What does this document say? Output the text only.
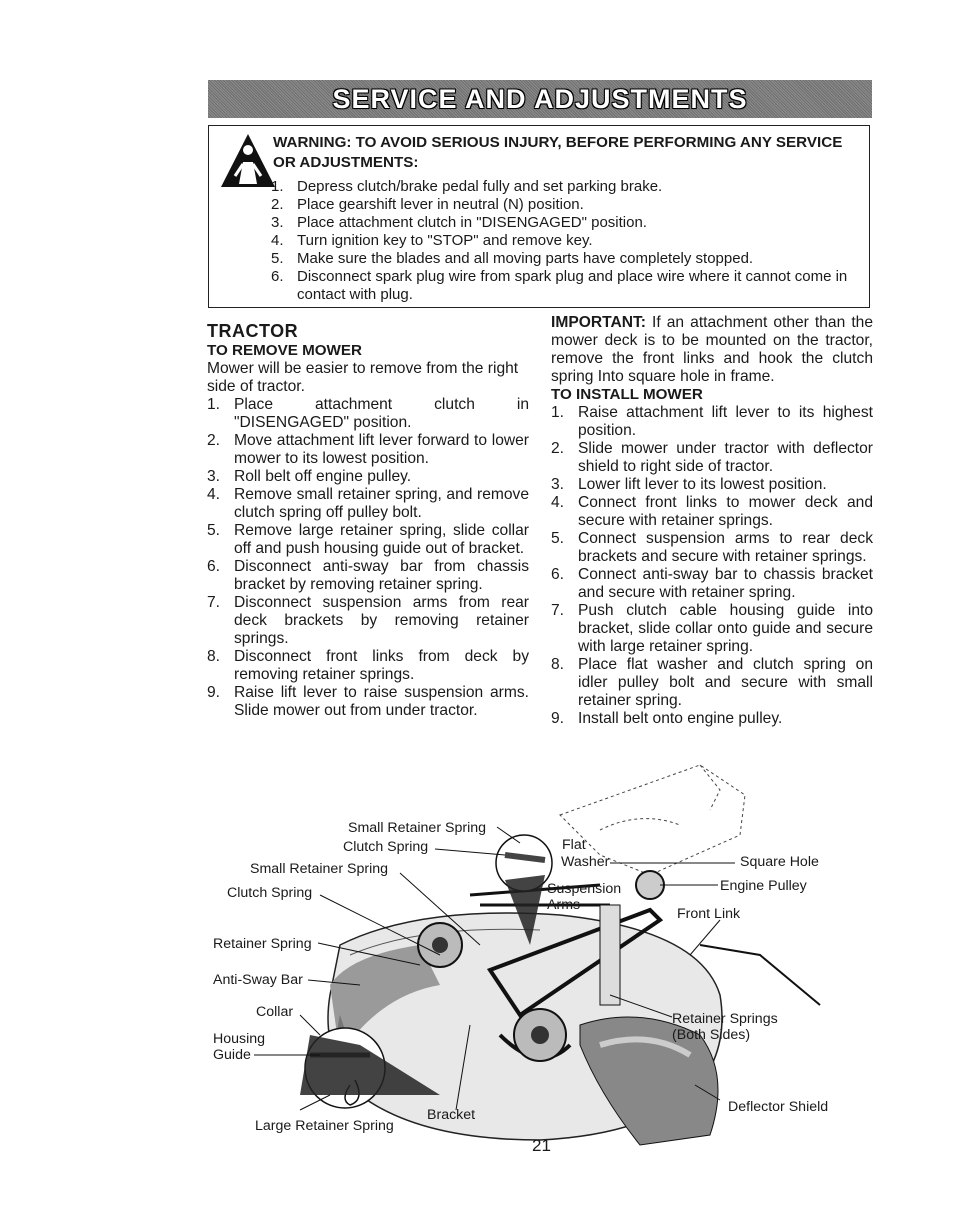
SERVICE AND ADJUSTMENTS
WARNING: TO AVOID SERIOUS INJURY, BEFORE PERFORMING ANY SERVICE OR ADJUSTMENTS:
1. Depress clutch/brake pedal fully and set parking brake.
2. Place gearshift lever in neutral (N) position.
3. Place attachment clutch in "DISENGAGED" position.
4. Turn ignition key to "STOP" and remove key.
5. Make sure the blades and all moving parts have completely stopped.
6. Disconnect spark plug wire from spark plug and place wire where it cannot come in contact with plug.

TRACTOR

TO REMOVE MOWER

Mower will be easier to remove from the right side of tractor.

1. Place attachment clutch in "DISENGAGED" position.
2. Move attachment lift lever forward to lower mower to its lowest position.
3. Roll belt off engine pulley.
4. Remove small retainer spring, and remove clutch spring off pulley bolt.
5. Remove large retainer spring, slide collar off and push housing guide out of bracket.
6. Disconnect anti-sway bar from chassis bracket by removing retainer spring.
7. Disconnect suspension arms from rear deck brackets by removing retainer springs.
8. Disconnect front links from deck by removing retainer springs.
9. Raise lift lever to raise suspension arms. Slide mower out from under tractor.

IMPORTANT: If an attachment other than the mower deck is to be mounted on the tractor, remove the front links and hook the clutch spring Into square hole in frame.

TO INSTALL MOWER

1. Raise attachment lift lever to its highest position.
2. Slide mower under tractor with deflector shield to right side of tractor.
3. Lower lift lever to its lowest position.
4. Connect front links to mower deck and secure with retainer springs.
5. Connect suspension arms to rear deck brackets and secure with retainer springs.
6. Connect anti-sway bar to chassis bracket and secure with retainer spring.
7. Push clutch cable housing guide into bracket, slide collar onto guide and secure with large retainer spring.
8. Place flat washer and clutch spring on idler pulley bolt and secure with small retainer spring.
9. Install belt onto engine pulley.
Small Retainer Spring
Clutch Spring
Small Retainer Spring
Clutch Spring
Retainer Spring
Anti-Sway Bar
Collar
Housing
Guide
Large Retainer Spring
Bracket
Flat
Washer
Suspension
Arms
Square Hole
Engine Pulley
Front Link
Retainer Springs
(Both Sides)
Deflector Shield
21
